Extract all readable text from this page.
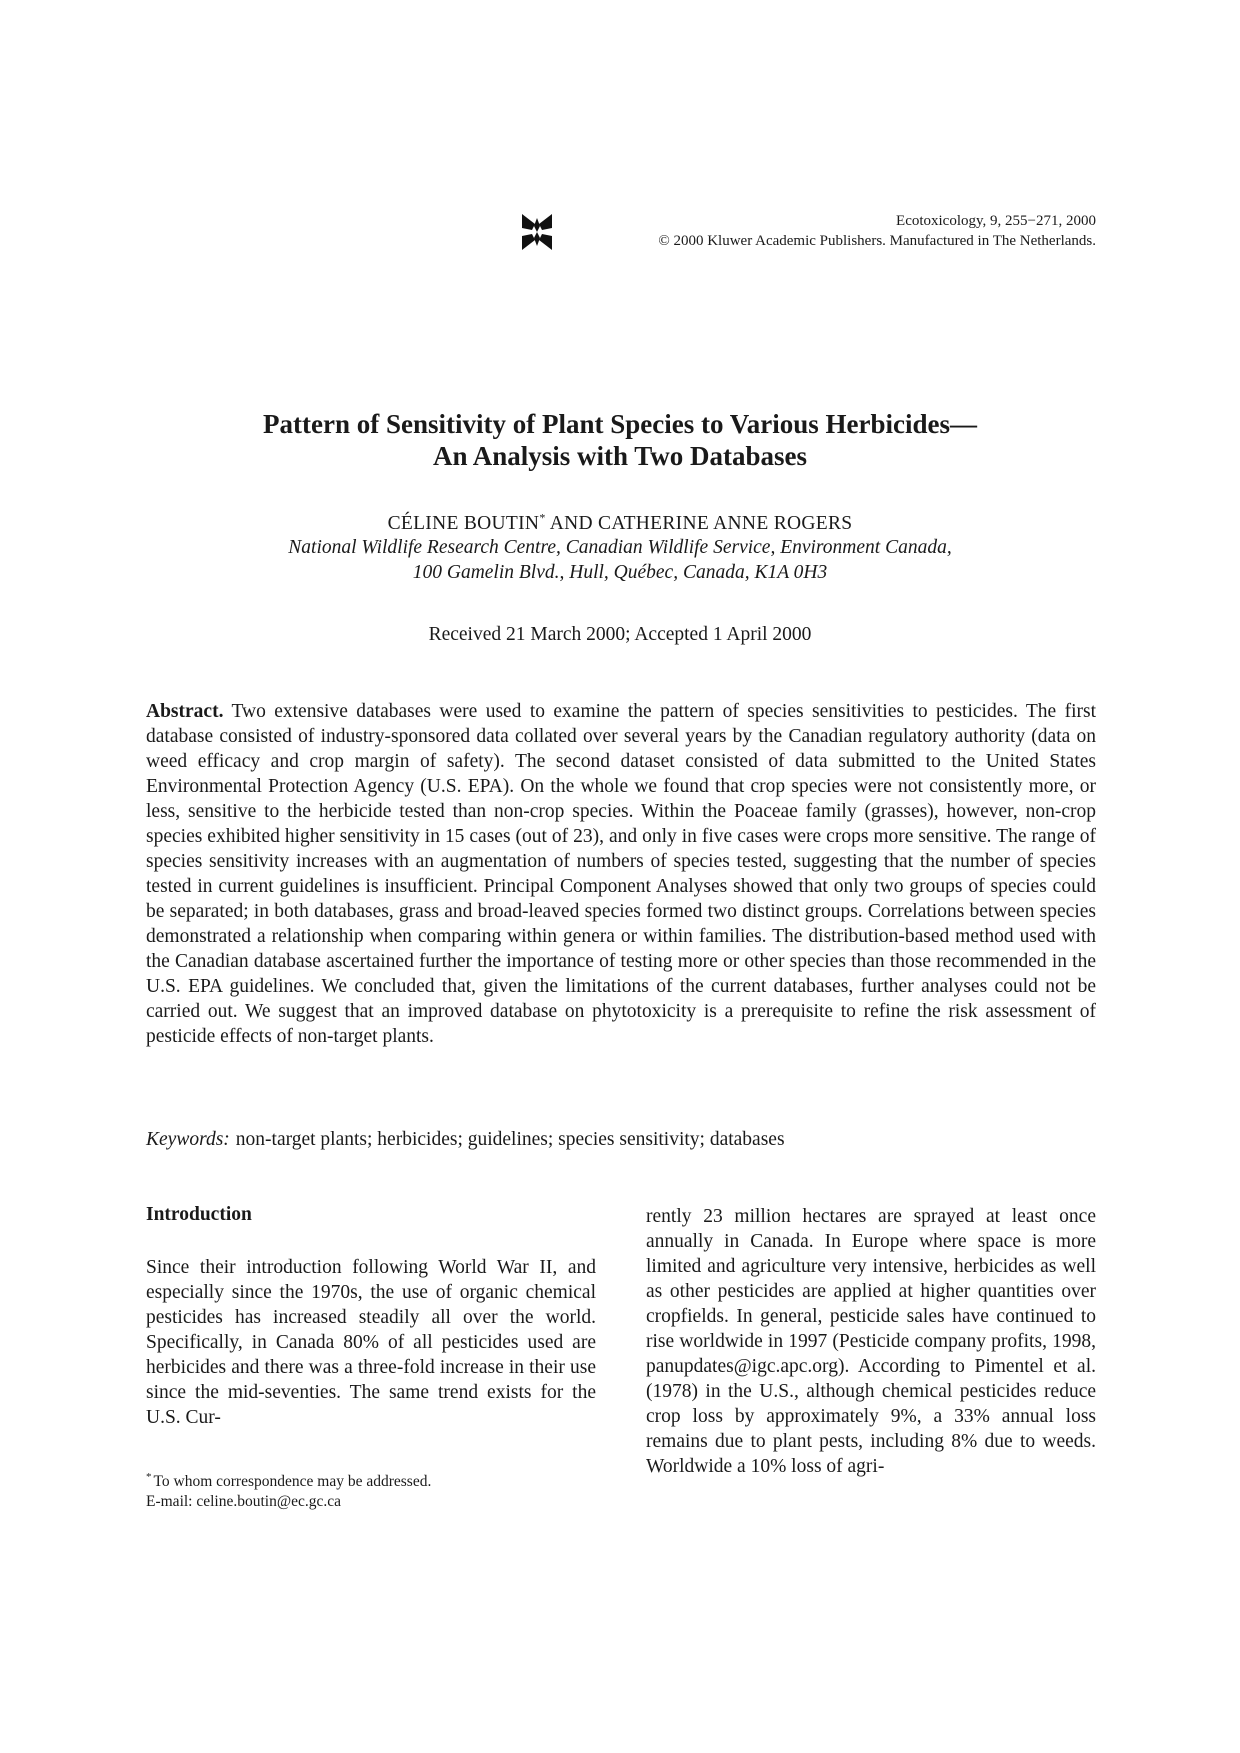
Ecotoxicology, 9, 255−271, 2000
© 2000 Kluwer Academic Publishers. Manufactured in The Netherlands.
Pattern of Sensitivity of Plant Species to Various Herbicides—
An Analysis with Two Databases
CÉLINE BOUTIN* AND CATHERINE ANNE ROGERS
National Wildlife Research Centre, Canadian Wildlife Service, Environment Canada,
100 Gamelin Blvd., Hull, Québec, Canada, K1A 0H3
Received 21 March 2000; Accepted 1 April 2000

Abstract. Two extensive databases were used to examine the pattern of species sensitivities to pesticides. The first database consisted of industry-sponsored data collated over several years by the Canadian regulatory authority (data on weed efficacy and crop margin of safety). The second dataset consisted of data submitted to the United States Environmental Protection Agency (U.S. EPA). On the whole we found that crop species were not consistently more, or less, sensitive to the herbicide tested than non-crop species. Within the Poaceae family (grasses), however, non-crop species exhibited higher sensitivity in 15 cases (out of 23), and only in five cases were crops more sensitive. The range of species sensitivity increases with an augmentation of numbers of species tested, suggesting that the number of species tested in current guidelines is insufficient. Principal Component Analyses showed that only two groups of species could be separated; in both databases, grass and broad-leaved species formed two distinct groups. Correlations between species demonstrated a relationship when comparing within genera or within families. The distribution-based method used with the Canadian database ascertained further the importance of testing more or other species than those recommended in the U.S. EPA guidelines. We concluded that, given the limitations of the current databases, further analyses could not be carried out. We suggest that an improved database on phytotoxicity is a prerequisite to refine the risk assessment of pesticide effects of non-target plants.

Keywords: non-target plants; herbicides; guidelines; species sensitivity; databases

Introduction

Since their introduction following World War II, and especially since the 1970s, the use of organic chemical pesticides has increased steadily all over the world. Specifically, in Canada 80% of all pesticides used are herbicides and there was a three-fold increase in their use since the mid-seventies. The same trend exists for the U.S. Cur-

rently 23 million hectares are sprayed at least once annually in Canada. In Europe where space is more limited and agriculture very intensive, herbicides as well as other pesticides are applied at higher quantities over cropfields. In general, pesticide sales have continued to rise worldwide in 1997 (Pesticide company profits, 1998, panupdates@igc.apc.org). According to Pimentel et al. (1978) in the U.S., although chemical pesticides reduce crop loss by approximately 9%, a 33% annual loss remains due to plant pests, including 8% due to weeds. Worldwide a 10% loss of agri-

* To whom correspondence may be addressed.
E-mail: celine.boutin@ec.gc.ca
